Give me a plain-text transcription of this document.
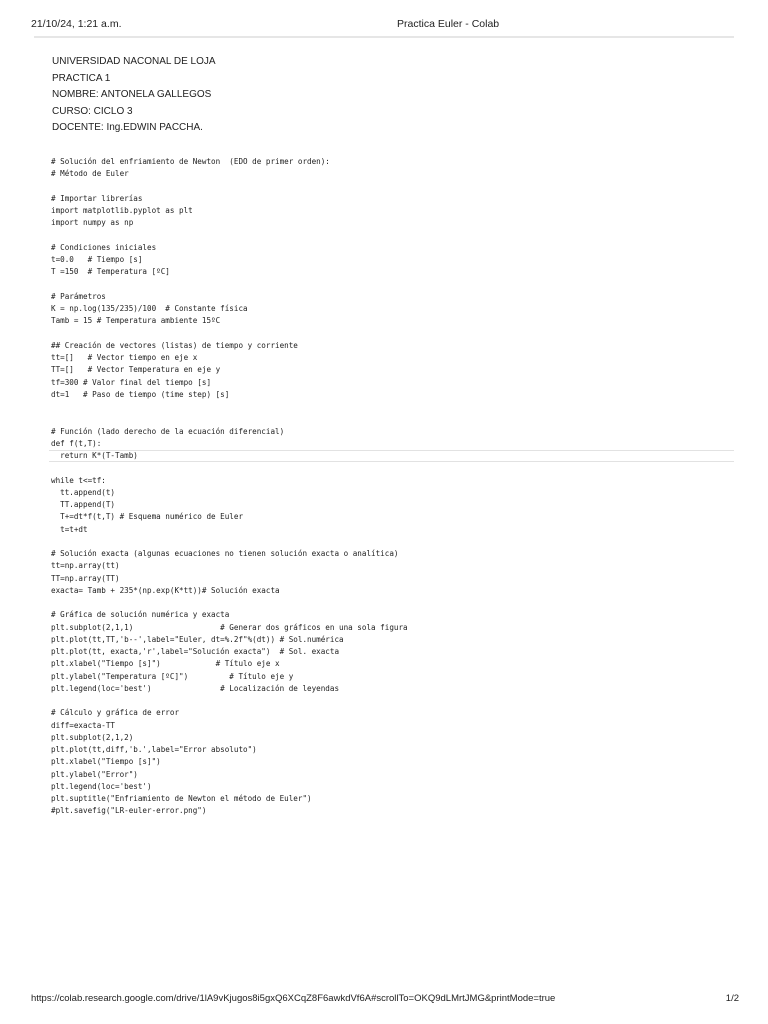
21/10/24, 1:21 a.m.	Practica Euler - Colab
UNIVERSIDAD NACONAL DE LOJA
PRACTICA 1
NOMBRE: ANTONELA GALLEGOS
CURSO: CICLO 3
DOCENTE: Ing.EDWIN PACCHA.
# Solución del enfriamiento de Newton  (EDO de primer orden):
# Método de Euler
# Importar librerías
import matplotlib.pyplot as plt
import numpy as np
# Condiciones iniciales
t=0.0   # Tiempo [s]
T =150  # Temperatura [ºC]
# Parámetros
K = np.log(135/235)/100  # Constante física
Tamb = 15 # Temperatura ambiente 15ºC
## Creación de vectores (listas) de tiempo y corriente
tt=[]   # Vector tiempo en eje x
TT=[]   # Vector Temperatura en eje y
tf=300 # Valor final del tiempo [s]
dt=1   # Paso de tiempo (time step) [s]
# Función (lado derecho de la ecuación diferencial)
def f(t,T):
return K*(T-Tamb)
while t<=tf:
tt.append(t)
TT.append(T)
T+=dt*f(t,T) # Esquema numérico de Euler
t=t+dt
# Solución exacta (algunas ecuaciones no tienen solución exacta o analítica)
tt=np.array(tt)
TT=np.array(TT)
exacta= Tamb + 235*(np.exp(K*tt))# Solución exacta
# Gráfica de solución numérica y exacta
plt.subplot(2,1,1)                   # Generar dos gráficos en una sola figura
plt.plot(tt,TT,'b--',label="Euler, dt=%.2f"%(dt)) # Sol.numérica
plt.plot(tt, exacta,'r',label="Solución exacta")  # Sol. exacta
plt.xlabel("Tiempo [s]")            # Título eje x
plt.ylabel("Temperatura [ºC]")         # Título eje y
plt.legend(loc='best')               # Localización de leyendas
# Cálculo y gráfica de error
diff=exacta-TT
plt.subplot(2,1,2)
plt.plot(tt,diff,'b.',label="Error absoluto")
plt.xlabel("Tiempo [s]")
plt.ylabel("Error")
plt.legend(loc='best')
plt.suptitle("Enfriamiento de Newton el método de Euler")
#plt.savefig("LR-euler-error.png")
https://colab.research.google.com/drive/1lA9vKjugos8i5gxQ6XCqZ8F6awkdVf6A#scrollTo=OKQ9dLMrtJMG&printMode=true	1/2
